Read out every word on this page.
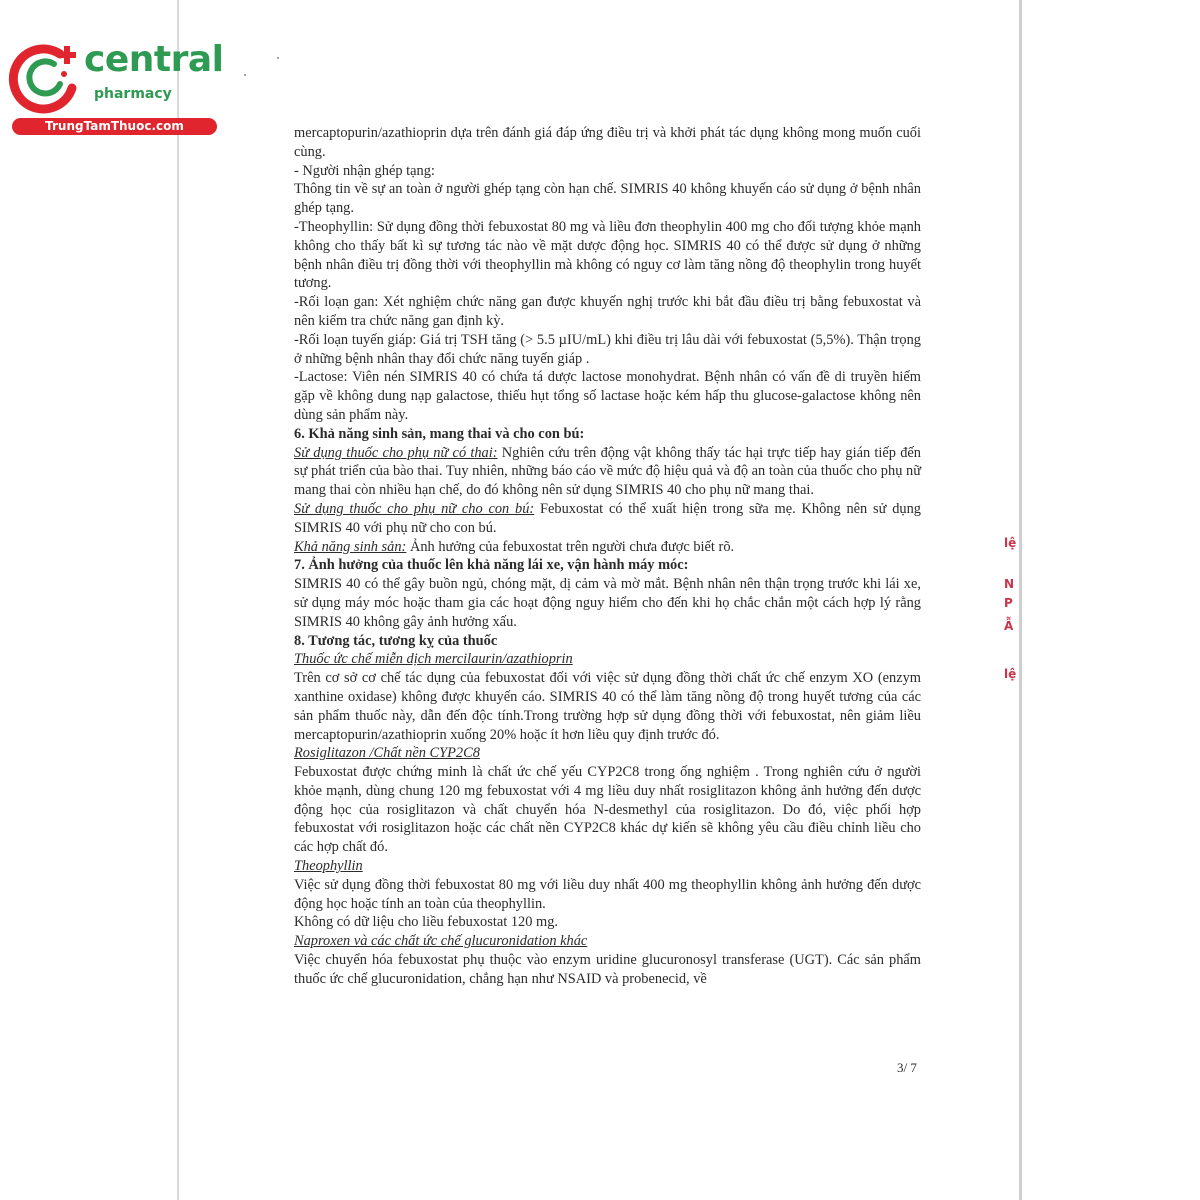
lệ
N
P
Ẫ
lệ
central
pharmacy
TrungTamThuoc.com	mercaptopurin/azathioprin dựa trên đánh giá đáp ứng điều trị và khởi phát tác dụng không mong muốn cuối cùng.

- Người nhận ghép tạng:

Thông tin về sự an toàn ở người ghép tạng còn hạn chế. SIMRIS 40 không khuyến cáo sử dụng ở bệnh nhân ghép tạng.

-Theophyllin: Sử dụng đồng thời febuxostat 80 mg và liều đơn theophylin 400 mg cho đối tượng khỏe mạnh không cho thấy bất kì sự tương tác nào về mặt dược động học. SIMRIS 40 có thể được sử dụng ở những bệnh nhân điều trị đồng thời với theophyllin mà không có nguy cơ làm tăng nồng độ theophylin trong huyết tương.

-Rối loạn gan: Xét nghiệm chức năng gan được khuyến nghị trước khi bắt đầu điều trị bằng febuxostat và nên kiểm tra chức năng gan định kỳ.

-Rối loạn tuyến giáp: Giá trị TSH tăng (> 5.5 µIU/mL) khi điều trị lâu dài với febuxostat (5,5%). Thận trọng ở những bệnh nhân thay đổi chức năng tuyến giáp .

-Lactose: Viên nén SIMRIS 40 có chứa tá dược lactose monohydrat. Bệnh nhân có vấn đề di truyền hiếm gặp về không dung nạp galactose, thiếu hụt tổng số lactase hoặc kém hấp thu glucose-galactose không nên dùng sản phẩm này.

6. Khả năng sinh sản, mang thai và cho con bú:

Sử dụng thuốc cho phụ nữ có thai: Nghiên cứu trên động vật không thấy tác hại trực tiếp hay gián tiếp đến sự phát triển của bào thai. Tuy nhiên, những báo cáo về mức độ hiệu quả và độ an toàn của thuốc cho phụ nữ mang thai còn nhiều hạn chế, do đó không nên sử dụng SIMRIS 40 cho phụ nữ mang thai.

Sử dụng thuốc cho phụ nữ cho con bú: Febuxostat có thể xuất hiện trong sữa mẹ. Không nên sử dụng SIMRIS 40 với phụ nữ cho con bú.

Khả năng sinh sản: Ảnh hưởng của febuxostat trên người chưa được biết rõ.

7. Ảnh hưởng của thuốc lên khả năng lái xe, vận hành máy móc:

SIMRIS 40 có thể gây buồn ngủ, chóng mặt, dị cảm và mờ mắt. Bệnh nhân nên thận trọng trước khi lái xe, sử dụng máy móc hoặc tham gia các hoạt động nguy hiểm cho đến khi họ chắc chắn một cách hợp lý rằng SIMRIS 40 không gây ảnh hưởng xấu.

8. Tương tác, tương kỵ của thuốc

Thuốc ức chế miễn dịch mercilaurin/azathioprin

Trên cơ sở cơ chế tác dụng của febuxostat đối với việc sử dụng đồng thời chất ức chế enzym XO (enzym xanthine oxidase) không được khuyến cáo. SIMRIS 40 có thể làm tăng nồng độ trong huyết tương của các sản phẩm thuốc này, dẫn đến độc tính.Trong trường hợp sử dụng đồng thời với febuxostat, nên giảm liều mercaptopurin/azathioprin xuống 20% hoặc ít hơn liều quy định trước đó.

Rosiglitazon /Chất nền CYP2C8

Febuxostat được chứng minh là chất ức chế yếu CYP2C8 trong ống nghiệm . Trong nghiên cứu ở người khỏe mạnh, dùng chung 120 mg febuxostat với 4 mg liều duy nhất rosiglitazon không ảnh hưởng đến dược động học của rosiglitazon và chất chuyển hóa N-desmethyl của rosiglitazon. Do đó, việc phối hợp febuxostat với rosiglitazon hoặc các chất nền CYP2C8 khác dự kiến sẽ không yêu cầu điều chỉnh liều cho các hợp chất đó.

Theophyllin

Việc sử dụng đồng thời febuxostat 80 mg với liều duy nhất 400 mg theophyllin không ảnh hưởng đến dược động học hoặc tính an toàn của theophyllin.

Không có dữ liệu cho liều febuxostat 120 mg.

Naproxen và các chất ức chế glucuronidation khác

Việc chuyển hóa febuxostat phụ thuộc vào enzym uridine glucuronosyl transferase (UGT). Các sản phẩm thuốc ức chế glucuronidation, chẳng hạn như NSAID và probenecid, về

3/ 7
